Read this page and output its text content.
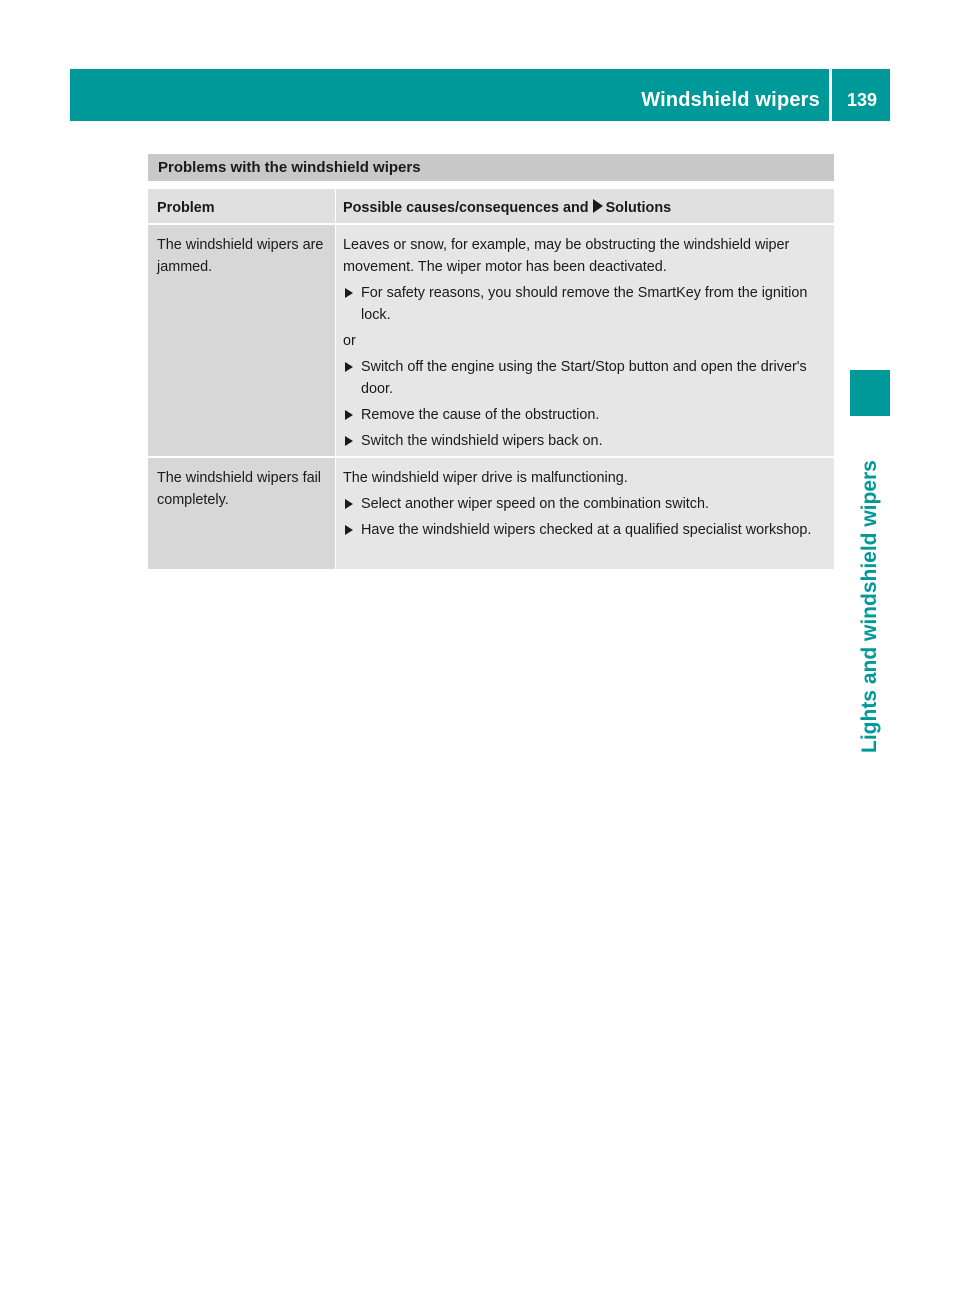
Windshield wipers	139
Lights and windshield wipers
Problems with the windshield wipers
Problem	Possible causes/consequences and Solutions
The windshield wipers are jammed.

Leaves or snow, for example, may be obstructing the windshield wiper movement. The wiper motor has been deactivated.

For safety reasons, you should remove the SmartKey from the ignition lock.

or

Switch off the engine using the Start/Stop button and open the driver's door.
Remove the cause of the obstruction.
Switch the windshield wipers back on.
The windshield wipers fail completely.

The windshield wiper drive is malfunctioning.

Select another wiper speed on the combination switch.
Have the windshield wipers checked at a qualified specialist workshop.
